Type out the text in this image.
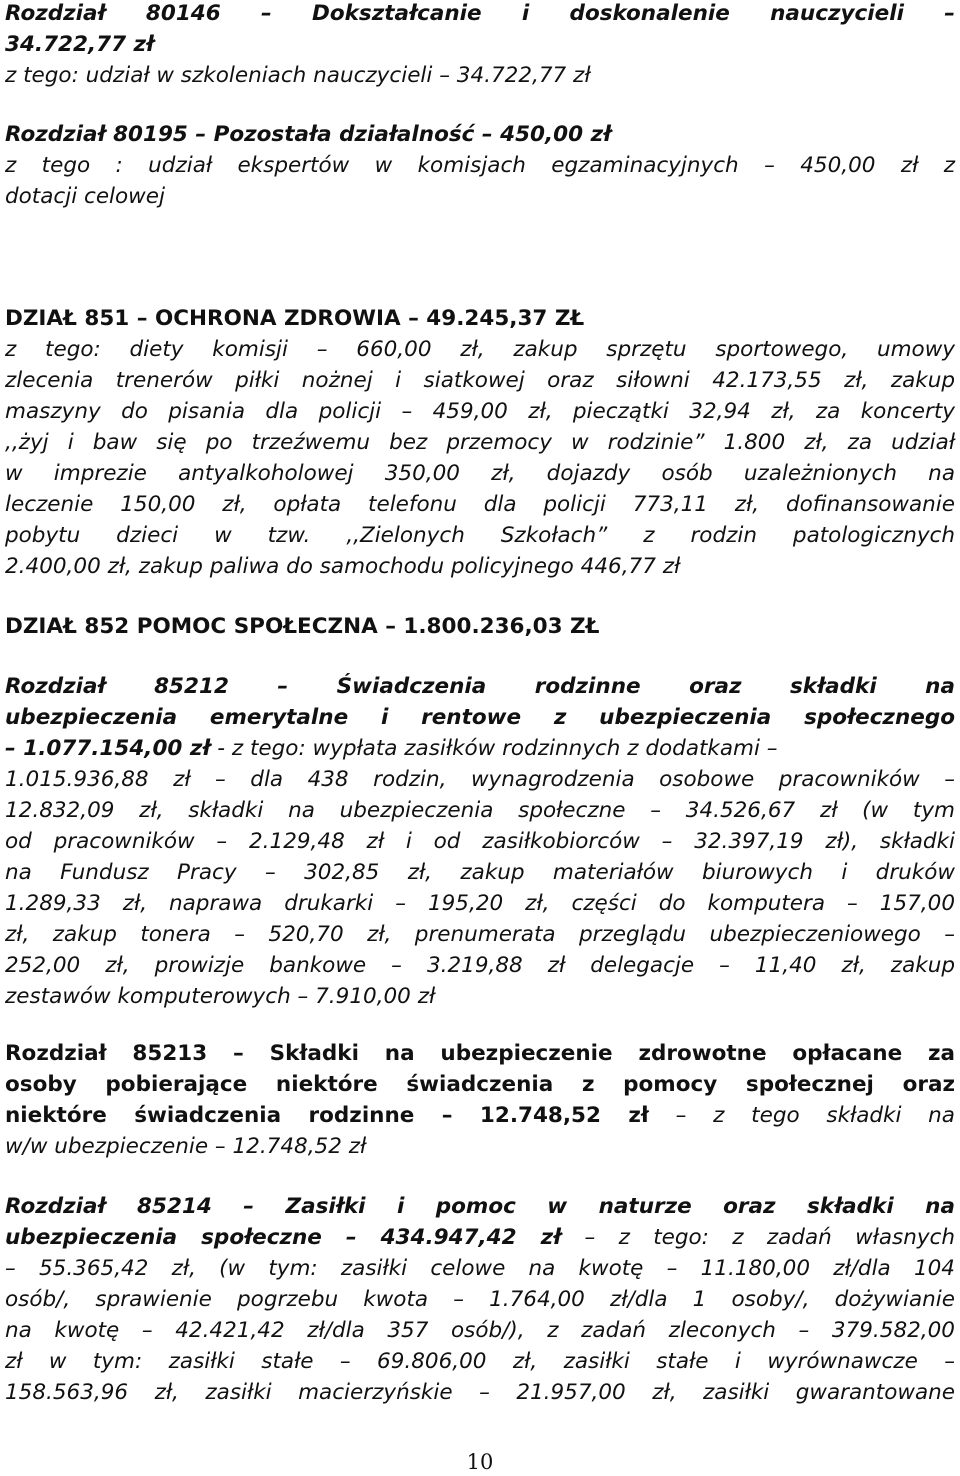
Rozdział 80146 – Dokształcanie i doskonalenie nauczycieli –
34.722,77 zł
z tego: udział w szkoleniach nauczycieli – 34.722,77 zł
Rozdział 80195 – Pozostała działalność – 450,00 zł
z tego : udział ekspertów w komisjach egzaminacyjnych – 450,00 zł z
dotacji celowej
DZIAŁ 851 – OCHRONA ZDROWIA – 49.245,37 ZŁ
z tego: diety komisji – 660,00 zł, zakup sprzętu sportowego, umowy
zlecenia trenerów piłki nożnej i siatkowej oraz siłowni 42.173,55 zł, zakup
maszyny do pisania dla policji – 459,00 zł, pieczątki 32,94 zł, za koncerty
,,żyj i baw się po trzeźwemu bez przemocy w rodzinie” 1.800 zł, za udział
w imprezie antyalkoholowej 350,00 zł, dojazdy osób uzależnionych na
leczenie 150,00 zł, opłata telefonu dla policji 773,11 zł, dofinansowanie
pobytu dzieci w tzw. ,,Zielonych Szkołach” z rodzin patologicznych
2.400,00 zł, zakup paliwa do samochodu policyjnego 446,77 zł
DZIAŁ 852 POMOC SPOŁECZNA – 1.800.236,03 ZŁ
Rozdział 85212 – Świadczenia rodzinne oraz składki na
ubezpieczenia emerytalne i rentowe z ubezpieczenia społecznego
– 1.077.154,00 zł - z tego: wypłata zasiłków rodzinnych z dodatkami –
1.015.936,88 zł – dla 438 rodzin, wynagrodzenia osobowe pracowników –
12.832,09 zł, składki na ubezpieczenia społeczne – 34.526,67 zł (w tym
od pracowników – 2.129,48 zł i od zasiłkobiorców – 32.397,19 zł), składki
na Fundusz Pracy – 302,85 zł, zakup materiałów biurowych i druków
1.289,33 zł, naprawa drukarki – 195,20 zł, części do komputera – 157,00
zł, zakup tonera – 520,70 zł, prenumerata przeglądu ubezpieczeniowego –
252,00 zł, prowizje bankowe – 3.219,88 zł delegacje – 11,40 zł, zakup
zestawów komputerowych – 7.910,00 zł
Rozdział 85213 – Składki na ubezpieczenie zdrowotne opłacane za
osoby pobierające niektóre świadczenia z pomocy społecznej oraz
niektóre świadczenia rodzinne – 12.748,52 zł – z tego składki na
w/w ubezpieczenie – 12.748,52 zł
Rozdział 85214 – Zasiłki i pomoc w naturze oraz składki na
ubezpieczenia społeczne – 434.947,42 zł – z tego: z zadań własnych
– 55.365,42 zł, (w tym: zasiłki celowe na kwotę – 11.180,00 zł/dla 104
osób/, sprawienie pogrzebu kwota – 1.764,00 zł/dla 1 osoby/, dożywianie
na kwotę – 42.421,42 zł/dla 357 osób/), z zadań zleconych – 379.582,00
zł w tym: zasiłki stałe – 69.806,00 zł, zasiłki stałe i wyrównawcze –
158.563,96 zł, zasiłki macierzyńskie – 21.957,00 zł, zasiłki gwarantowane
10
